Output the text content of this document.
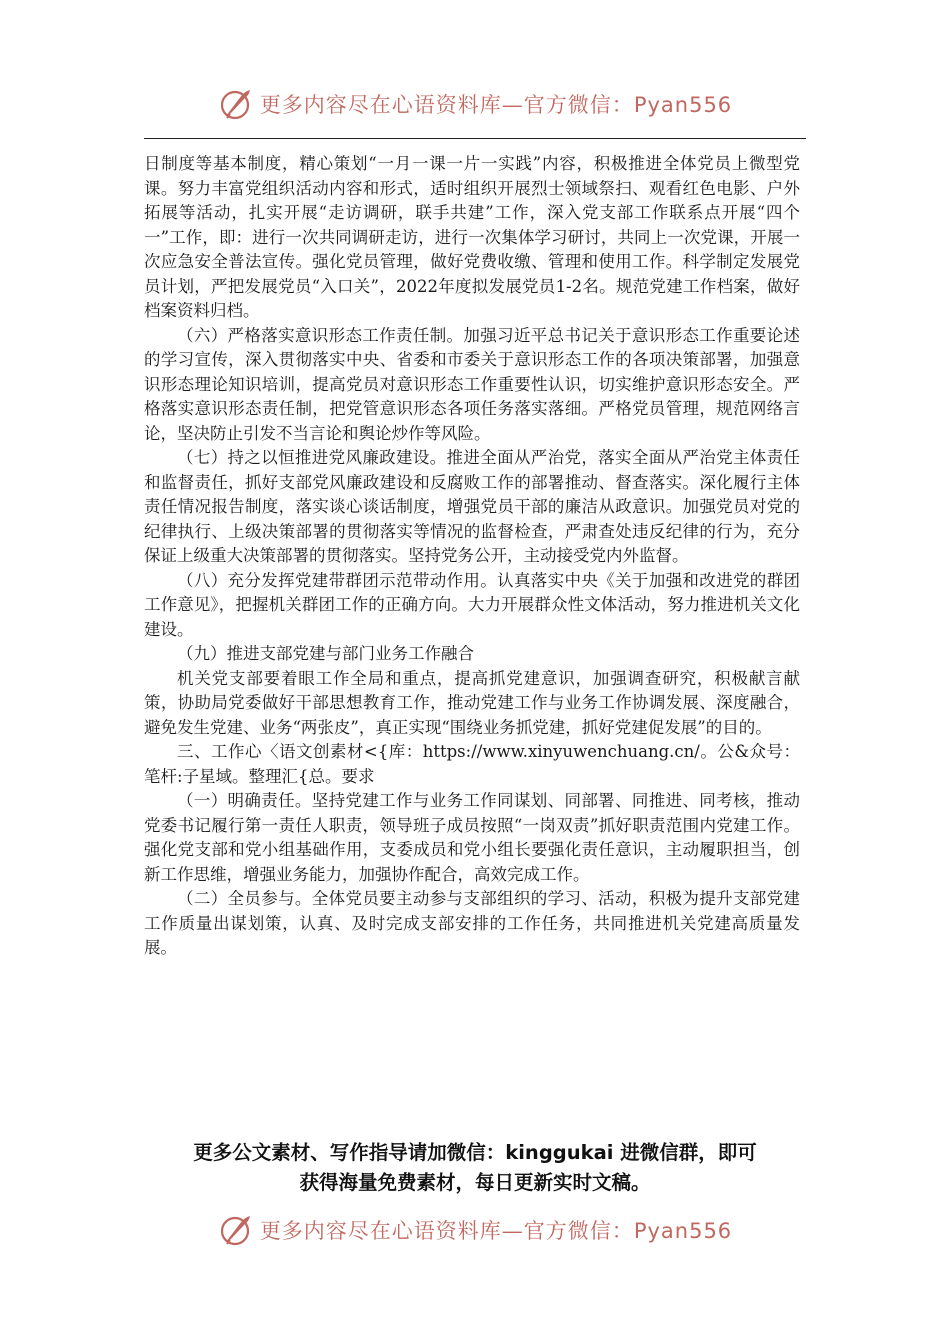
更多内容尽在心语资料库—官方微信：Pyan556

日制度等基本制度，精心策划“一月一课一片一实践”内容，积极推进全体党员上微型党课。努力丰富党组织活动内容和形式，适时组织开展烈士领域祭扫、观看红色电影、户外拓展等活动，扎实开展“走访调研，联手共建”工作，深入党支部工作联系点开展“四个一”工作，即：进行一次共同调研走访，进行一次集体学习研讨，共同上一次党课，开展一次应急安全普法宣传。强化党员管理，做好党费收缴、管理和使用工作。科学制定发展党员计划，严把发展党员“入口关”，2022年度拟发展党员1-2名。规范党建工作档案，做好档案资料归档。

（六）严格落实意识形态工作责任制。加强习近平总书记关于意识形态工作重要论述的学习宣传，深入贯彻落实中央、省委和市委关于意识形态工作的各项决策部署，加强意识形态理论知识培训，提高党员对意识形态工作重要性认识，切实维护意识形态安全。严格落实意识形态责任制，把党管意识形态各项任务落实落细。严格党员管理，规范网络言论，坚决防止引发不当言论和舆论炒作等风险。

（七）持之以恒推进党风廉政建设。推进全面从严治党，落实全面从严治党主体责任和监督责任，抓好支部党风廉政建设和反腐败工作的部署推动、督查落实。深化履行主体责任情况报告制度，落实谈心谈话制度，增强党员干部的廉洁从政意识。加强党员对党的纪律执行、上级决策部署的贯彻落实等情况的监督检查，严肃查处违反纪律的行为，充分保证上级重大决策部署的贯彻落实。坚持党务公开，主动接受党内外监督。

（八）充分发挥党建带群团示范带动作用。认真落实中央《关于加强和改进党的群团工作意见》，把握机关群团工作的正确方向。大力开展群众性文体活动，努力推进机关文化建设。

（九）推进支部党建与部门业务工作融合

机关党支部要着眼工作全局和重点，提高抓党建意识，加强调查研究，积极献言献策，协助局党委做好干部思想教育工作，推动党建工作与业务工作协调发展、深度融合，避免发生党建、业务“两张皮”，真正实现“围绕业务抓党建，抓好党建促发展”的目的。

三、工作心〈语文创素材<{库：https://www.xinyuwenchuang.cn/。公&众号：笔杆:子星域。整理汇{总。要求

（一）明确责任。坚持党建工作与业务工作同谋划、同部署、同推进、同考核，推动党委书记履行第一责任人职责，领导班子成员按照“一岗双责”抓好职责范围内党建工作。强化党支部和党小组基础作用，支委成员和党小组长要强化责任意识，主动履职担当，创新工作思维，增强业务能力，加强协作配合，高效完成工作。

（二）全员参与。全体党员要主动参与支部组织的学习、活动，积极为提升支部党建工作质量出谋划策，认真、及时完成支部安排的工作任务，共同推进机关党建高质量发展。

更多公文素材、写作指导请加微信：kinggukai 进微信群，即可
获得海量免费素材，每日更新实时文稿。
更多内容尽在心语资料库—官方微信：Pyan556
